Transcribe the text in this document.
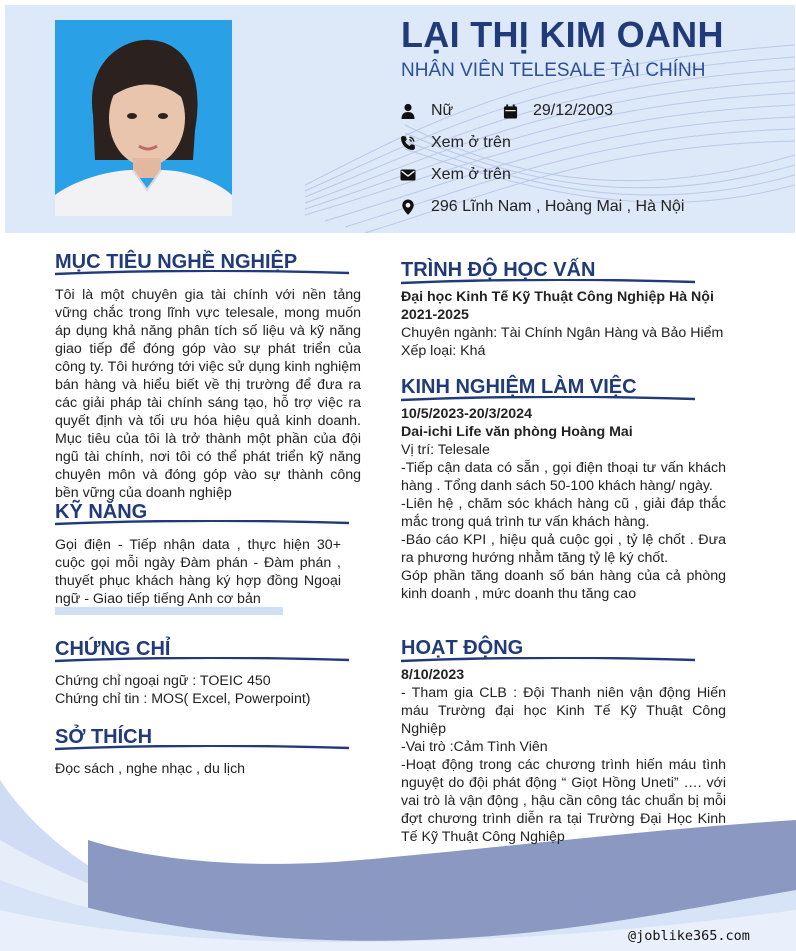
LẠI THỊ KIM OANH
NHÂN VIÊN TELESALE TÀI CHÍNH
Nữ	29/12/2003
Xem ở trên
Xem ở trên
296 Lĩnh Nam , Hoàng Mai , Hà Nội
MỤC TIÊU NGHỀ NGHIỆP
Tôi là một chuyên gia tài chính với nền tảng vững chắc trong lĩnh vực telesale, mong muốn áp dụng khả năng phân tích số liệu và kỹ năng giao tiếp để đóng góp vào sự phát triển của công ty. Tôi hướng tới việc sử dụng kinh nghiệm bán hàng và hiểu biết về thị trường để đưa ra các giải pháp tài chính sáng tạo, hỗ trợ việc ra quyết định và tối ưu hóa hiệu quả kinh doanh. Mục tiêu của tôi là trở thành một phần của đội ngũ tài chính, nơi tôi có thể phát triển kỹ năng chuyên môn và đóng góp vào sự thành công bền vững của doanh nghiệp
KỸ NĂNG
Gọi điện - Tiếp nhận data , thực hiện 30+ cuộc gọi mỗi ngày Đàm phán - Đàm phán , thuyết phục khách hàng ký hợp đồng Ngoại ngữ - Giao tiếp tiếng Anh cơ bản
CHỨNG CHỈ
Chứng chỉ ngoại ngữ : TOEIC 450
Chứng chỉ tin : MOS( Excel, Powerpoint)
SỞ THÍCH
Đọc sách , nghe nhạc , du lịch
TRÌNH ĐỘ HỌC VẤN
Đại học Kinh Tế Kỹ Thuật Công Nghiệp Hà Nội
2021-2025
Chuyên ngành: Tài Chính Ngân Hàng và Bảo Hiểm
Xếp loại: Khá
KINH NGHIỆM LÀM VIỆC
10/5/2023-20/3/2024
Dai-ichi Life văn phòng Hoàng Mai
Vị trí: Telesale
-Tiếp cận data có sẵn , gọi điện thoại tư vấn khách hàng . Tổng danh sách 50-100 khách hàng/ ngày.
-Liên hệ , chăm sóc khách hàng cũ , giải đáp thắc mắc trong quá trình tư vấn khách hàng.
-Báo cáo KPI , hiệu quả cuộc gọi , tỷ lệ chốt . Đưa ra phương hướng nhằm tăng tỷ lệ ký chốt.
Góp phần tăng doanh số bán hàng của cả phòng kinh doanh , mức doanh thu tăng cao
HOẠT ĐỘNG
8/10/2023
- Tham gia CLB : Đội Thanh niên vận động Hiến máu Trường đại học Kinh Tế Kỹ Thuật Công Nghiệp
-Vai trò :Cảm Tình Viên
-Hoạt động trong các chương trình hiến máu tình nguyệt do đội phát động “ Giọt Hồng Uneti” …. với vai trò là vận động , hậu cần công tác chuẩn bị mỗi đợt chương trình diễn ra tại Trường Đại Học Kinh Tế Kỹ Thuật Công Nghiệp
@joblike365.com
